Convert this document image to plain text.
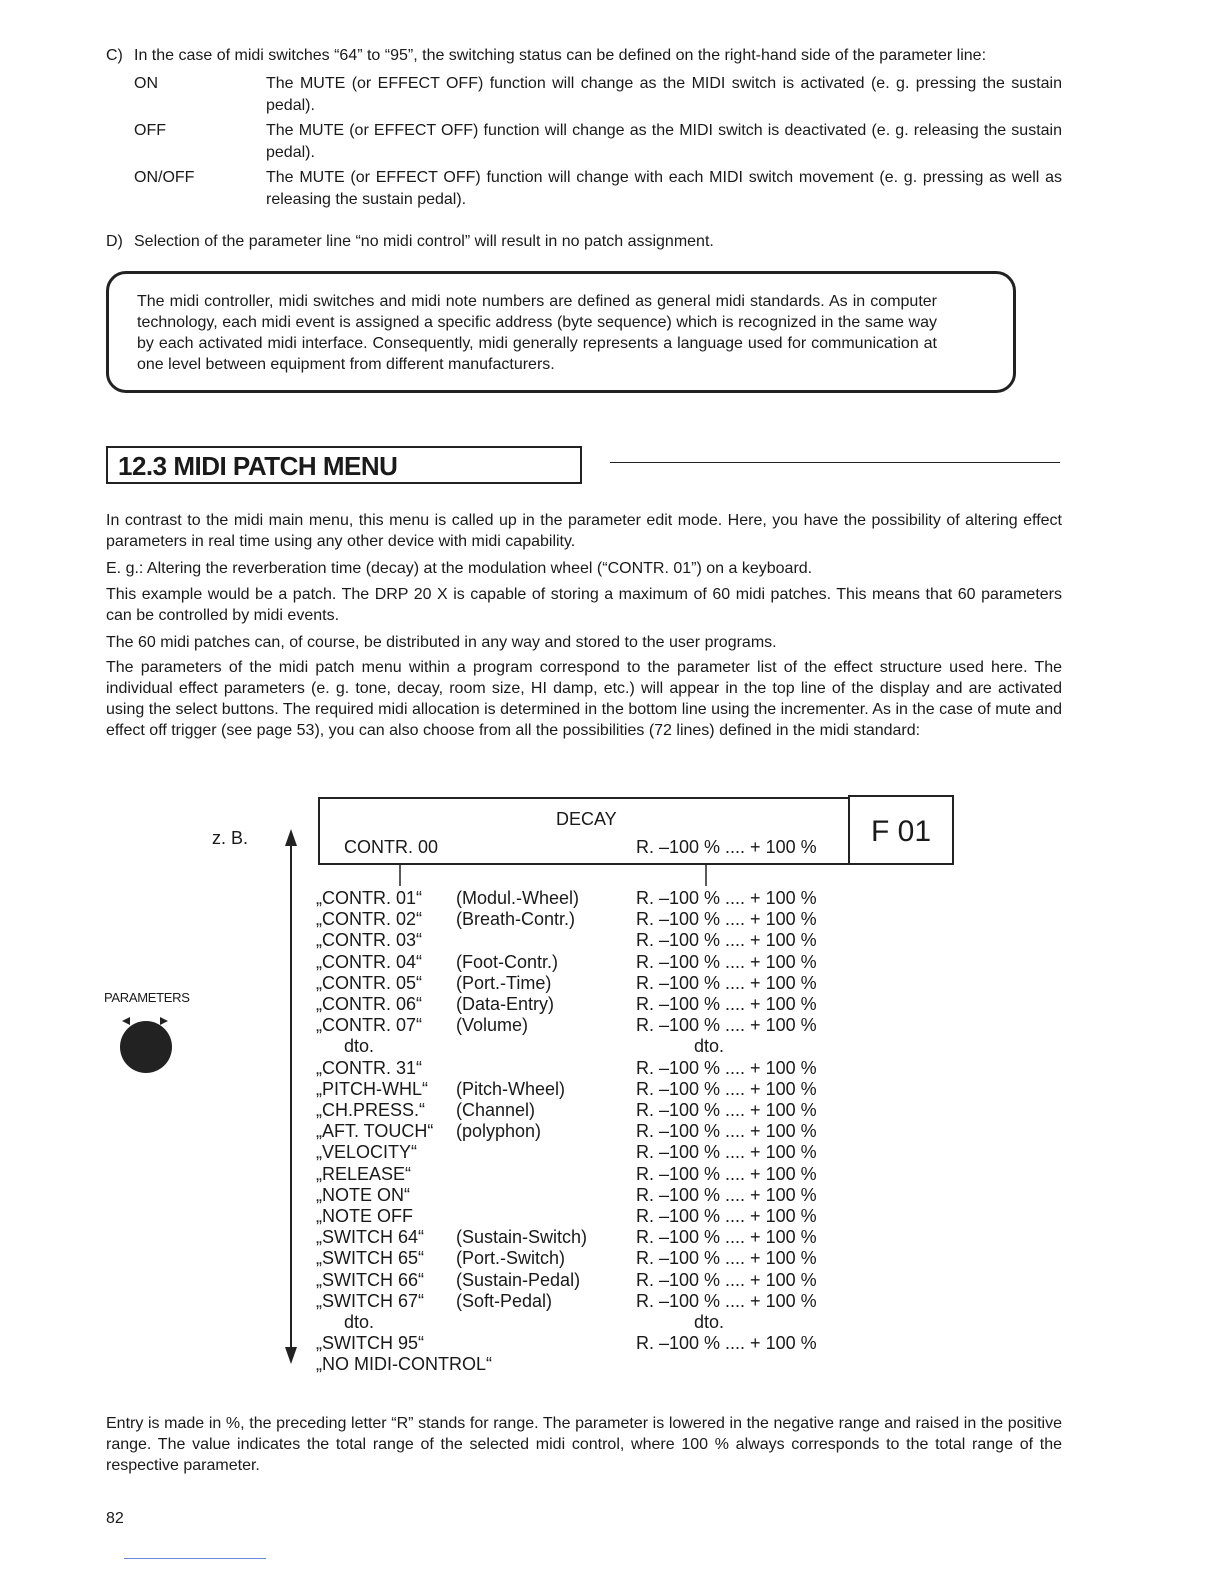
C) In the case of midi switches “64” to “95”, the switching status can be defined on the right-hand side of the parameter line:
ON	The MUTE (or EFFECT OFF) function will change as the MIDI switch is activated (e. g. pressing the sustain pedal).
OFF	The MUTE (or EFFECT OFF) function will change as the MIDI switch is deactivated (e. g. releasing the sustain pedal).
ON/OFF	The MUTE (or EFFECT OFF) function will change with each MIDI switch movement (e. g. pressing as well as releasing the sustain pedal).
D) Selection of the parameter line “no midi control” will result in no patch assignment.
The midi controller, midi switches and midi note numbers are defined as general midi standards. As in computer technology, each midi event is assigned a specific address (byte sequence) which is recognized in the same way by each activated midi interface. Consequently, midi generally represents a language used for communication at one level between equipment from different manufacturers.
12.3 MIDI PATCH MENU
In contrast to the midi main menu, this menu is called up in the parameter edit mode. Here, you have the possibility of altering effect parameters in real time using any other device with midi capability.
E. g.: Altering the reverberation time (decay) at the modulation wheel (“CONTR. 01”) on a keyboard.
This example would be a patch. The DRP 20 X is capable of storing a maximum of 60 midi patches. This means that 60 parameters can be controlled by midi events.
The 60 midi patches can, of course, be distributed in any way and stored to the user programs.
The parameters of the midi patch menu within a program correspond to the parameter list of the effect structure used here. The individual effect parameters (e. g. tone, decay, room size, HI damp, etc.) will appear in the top line of the display and are activated using the select buttons. The required midi allocation is determined in the bottom line using the incrementer. As in the case of mute and effect off trigger (see page 53), you can also choose from all the possibilities (72 lines) defined in the midi standard:
z. B.
DECAY
CONTR. 00	R. –100 % .... + 100 %	F 01
PARAMETERS
„CONTR. 01“ (Modul.-Wheel)	R. –100 % .... + 100 %
„CONTR. 02“ (Breath-Contr.)	R. –100 % .... + 100 %
„CONTR. 03“	R. –100 % .... + 100 %
„CONTR. 04“ (Foot-Contr.)	R. –100 % .... + 100 %
„CONTR. 05“ (Port.-Time)	R. –100 % .... + 100 %
„CONTR. 06“ (Data-Entry)	R. –100 % .... + 100 %
„CONTR. 07“ (Volume)	R. –100 % .... + 100 %
dto.	dto.
„CONTR. 31“	R. –100 % .... + 100 %
„PITCH-WHL“ (Pitch-Wheel)	R. –100 % .... + 100 %
„CH.PRESS.“ (Channel)	R. –100 % .... + 100 %
„AFT. TOUCH“ (polyphon)	R. –100 % .... + 100 %
„VELOCITY“	R. –100 % .... + 100 %
„RELEASE“	R. –100 % .... + 100 %
„NOTE ON“	R. –100 % .... + 100 %
„NOTE OFF	R. –100 % .... + 100 %
„SWITCH 64“ (Sustain-Switch)	R. –100 % .... + 100 %
„SWITCH 65“ (Port.-Switch)	R. –100 % .... + 100 %
„SWITCH 66“ (Sustain-Pedal)	R. –100 % .... + 100 %
„SWITCH 67“ (Soft-Pedal)	R. –100 % .... + 100 %
dto.	dto.
„SWITCH 95“	R. –100 % .... + 100 %
„NO MIDI-CONTROL“
Entry is made in %, the preceding letter “R” stands for range. The parameter is lowered in the negative range and raised in the positive range. The value indicates the total range of the selected midi control, where 100 % always corresponds to the total range of the respective parameter.
82
